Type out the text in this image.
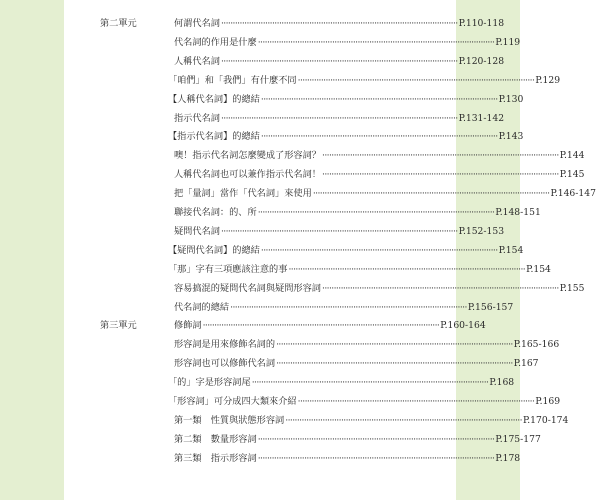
第二單元	何謂代名詞 ······································································································ P.110-118
代名詞的作用是什麼 ······································································································ P.119
人稱代名詞 ······································································································ P.120-128
「咱們」和「我們」有什麼不同 ······································································································ P.129
【人稱代名詞】的總結 ······································································································ P.130
指示代名詞 ······································································································ P.131-142
【指示代名詞】的總結 ······································································································ P.143
噢！指示代名詞怎麼變成了形容詞？ ······································································································ P.144
人稱代名詞也可以兼作指示代名詞！ ······································································································ P.145
把「量詞」當作「代名詞」來使用 ······································································································ P.146-147
聯接代名詞：的、所 ······································································································ P.148-151
疑問代名詞 ······································································································ P.152-153
【疑問代名詞】的總結 ······································································································ P.154
「那」字有三項應該注意的事 ······································································································ P.154
容易搞混的疑問代名詞與疑問形容詞 ······································································································ P.155
代名詞的總結 ······································································································ P.156-157
第三單元	修飾詞 ······································································································ P.160-164
形容詞是用來修飾名詞的 ······································································································ P.165-166
形容詞也可以修飾代名詞 ······································································································ P.167
「的」字是形容詞尾 ······································································································ P.168
「形容詞」可分成四大類來介紹 ······································································································ P.169
第一類　性質與狀態形容詞 ······································································································ P.170-174
第二類　數量形容詞 ······································································································ P.175-177
第三類　指示形容詞 ······································································································ P.178
